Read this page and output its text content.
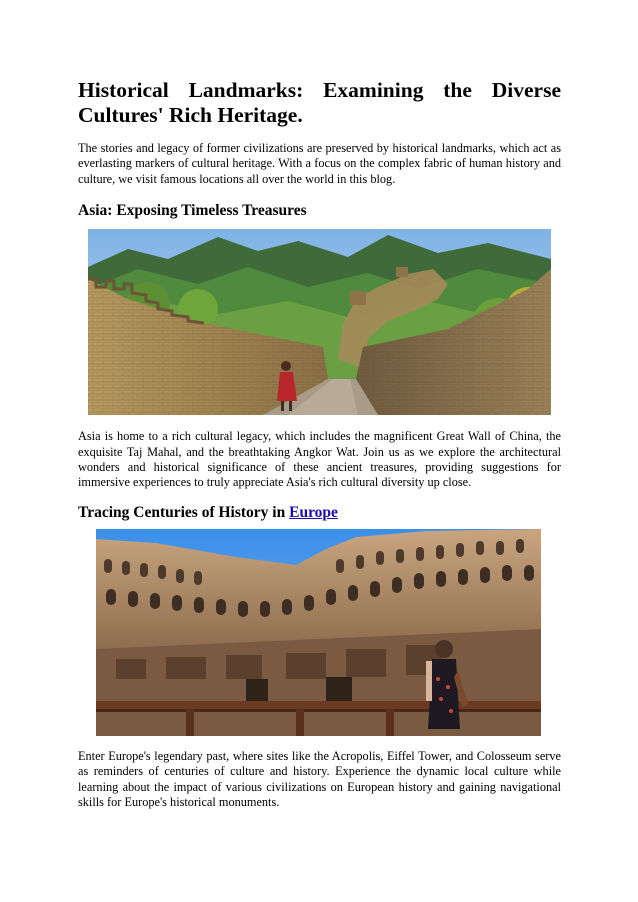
Historical Landmarks: Examining the Diverse Cultures' Rich Heritage.

The stories and legacy of former civilizations are preserved by historical landmarks, which act as everlasting markers of cultural heritage. With a focus on the complex fabric of human history and culture, we visit famous locations all over the world in this blog.

Asia: Exposing Timeless Treasures

Asia is home to a rich cultural legacy, which includes the magnificent Great Wall of China, the exquisite Taj Mahal, and the breathtaking Angkor Wat. Join us as we explore the architectural wonders and historical significance of these ancient treasures, providing suggestions for immersive experiences to truly appreciate Asia's rich cultural diversity up close.

Tracing Centuries of History in Europe

Enter Europe's legendary past, where sites like the Acropolis, Eiffel Tower, and Colosseum serve as reminders of centuries of culture and history. Experience the dynamic local culture while learning about the impact of various civilizations on European history and gaining navigational skills for Europe's historical monuments.
